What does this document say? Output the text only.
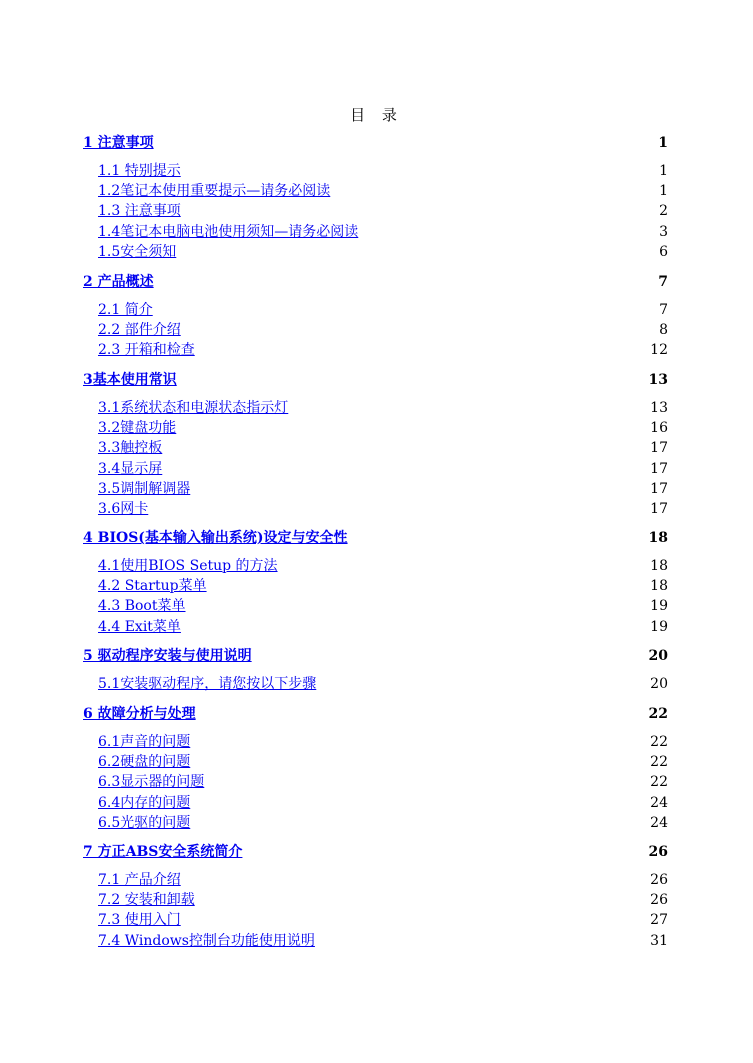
目 录
1 注意事项	1
1.1 特别提示	1
1.2笔记本使用重要提示—请务必阅读	1
1.3 注意事项	2
1.4笔记本电脑电池使用须知—请务必阅读	3
1.5安全须知	6
2 产品概述	7
2.1 简介	7
2.2 部件介绍	8
2.3 开箱和检查	12
3基本使用常识	13
3.1系统状态和电源状态指示灯	13
3.2键盘功能	16
3.3触控板	17
3.4显示屏	17
3.5调制解调器	17
3.6网卡	17
4 BIOS(基本输入输出系统)设定与安全性	18
4.1使用BIOS Setup 的方法	18
4.2 Startup菜单	18
4.3 Boot菜单	19
4.4 Exit菜单	19
5 驱动程序安装与使用说明	20
5.1安装驱动程序，请您按以下步骤	20
6 故障分析与处理	22
6.1声音的问题	22
6.2硬盘的问题	22
6.3显示器的问题	22
6.4内存的问题	24
6.5光驱的问题	24
7 方正ABS安全系统简介	26
7.1 产品介绍	26
7.2 安装和卸载	26
7.3 使用入门	27
7.4 Windows控制台功能使用说明	31
